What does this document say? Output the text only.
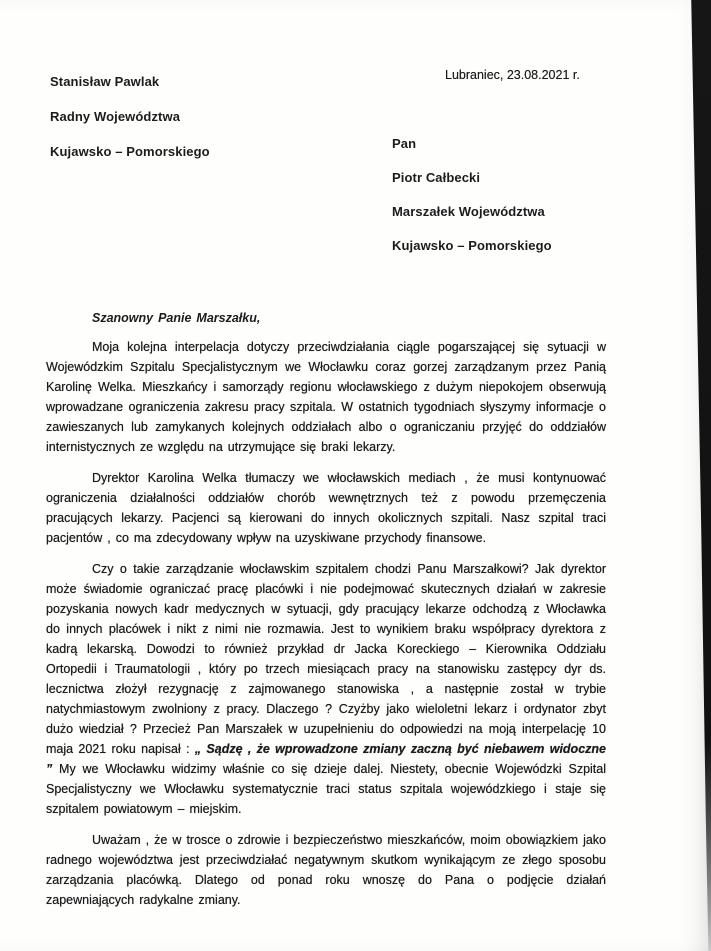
Stanisław Pawlak
Radny Województwa
Kujawsko – Pomorskiego
Lubraniec, 23.08.2021 r.
Pan
Piotr Całbecki
Marszałek Województwa
Kujawsko – Pomorskiego
Szanowny Panie Marszałku,

Moja kolejna interpelacja dotyczy przeciwdziałania ciągle pogarszającej się sytuacji w Wojewódzkim Szpitalu Specjalistycznym we Włocławku coraz gorzej zarządzanym przez Panią Karolinę Welka. Mieszkańcy i samorządy regionu włocławskiego z dużym niepokojem obserwują wprowadzane ograniczenia zakresu pracy szpitala. W ostatnich tygodniach słyszymy informacje o zawieszanych lub zamykanych kolejnych oddziałach albo o ograniczaniu przyjęć do oddziałów internistycznych ze względu na utrzymujące się braki lekarzy.

Dyrektor Karolina Welka tłumaczy we włocławskich mediach , że musi kontynuować ograniczenia działalności oddziałów chorób wewnętrznych też z powodu przemęczenia pracujących lekarzy. Pacjenci są kierowani do innych okolicznych szpitali. Nasz szpital traci pacjentów , co ma zdecydowany wpływ na uzyskiwane przychody finansowe.

Czy o takie zarządzanie włocławskim szpitalem chodzi Panu Marszałkowi? Jak dyrektor może świadomie ograniczać pracę placówki i nie podejmować skutecznych działań w zakresie pozyskania nowych kadr medycznych w sytuacji, gdy pracujący lekarze odchodzą z Włocławka do innych placówek i nikt z nimi nie rozmawia. Jest to wynikiem braku współpracy dyrektora z kadrą lekarską. Dowodzi to również przykład dr Jacka Koreckiego – Kierownika Oddziału Ortopedii i Traumatologii , który po trzech miesiącach pracy na stanowisku zastępcy dyr ds. lecznictwa złożył rezygnację z zajmowanego stanowiska , a następnie został w trybie natychmiastowym zwolniony z pracy. Dlaczego ? Czyżby jako wieloletni lekarz i ordynator zbyt dużo wiedział ? Przecież Pan Marszałek w uzupełnieniu do odpowiedzi na moją interpelację 10 maja 2021 roku napisał : „ Sądzę , że wprowadzone zmiany zaczną być niebawem widoczne ” My we Włocławku widzimy właśnie co się dzieje dalej. Niestety, obecnie Wojewódzki Szpital Specjalistyczny we Włocławku systematycznie traci status szpitala wojewódzkiego i staje się szpitalem powiatowym – miejskim.

Uważam , że w trosce o zdrowie i bezpieczeństwo mieszkańców, moim obowiązkiem jako radnego województwa jest przeciwdziałać negatywnym skutkom wynikającym ze złego sposobu zarządzania placówką. Dlatego od ponad roku wnoszę do Pana o podjęcie działań zapewniających radykalne zmiany.
